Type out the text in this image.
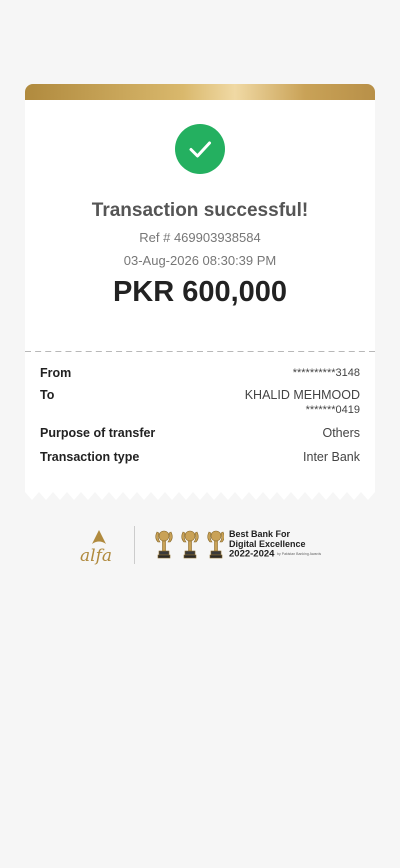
Transaction successful!
Ref # 469903938584
03-Aug-2026 08:30:39 PM
PKR 600,000
From	**********3148
To	KHALID MEHMOOD
*******0419
Purpose of transfer	Others
Transaction type	Inter Bank
alfa
Best Bank For
Digital Excellence
2022-2024 by Pakistan Banking Awards
